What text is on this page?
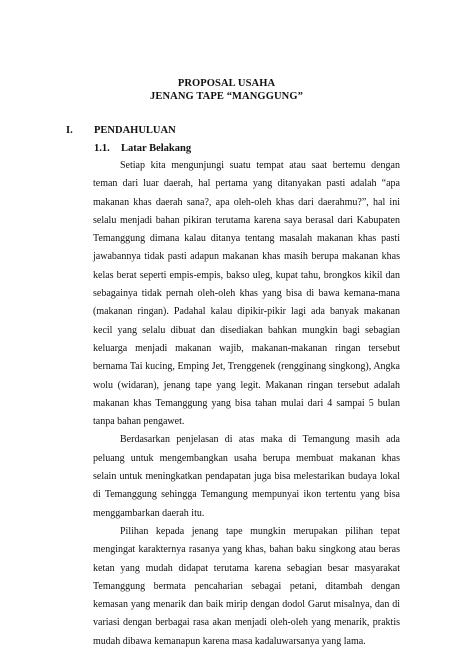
PROPOSAL USAHA
JENANG TAPE “MANGGUNG”
I. PENDAHULUAN
1.1. Latar Belakang

Setiap kita mengunjungi suatu tempat atau saat bertemu dengan teman dari luar daerah, hal pertama yang ditanyakan pasti adalah “apa makanan khas daerah sana?, apa oleh-oleh khas dari daerahmu?”, hal ini selalu menjadi bahan pikiran terutama karena saya berasal dari Kabupaten Temanggung dimana kalau ditanya tentang masalah makanan khas pasti jawabannya tidak pasti adapun makanan khas masih berupa makanan khas kelas berat seperti empis-empis, bakso uleg, kupat tahu, brongkos kikil dan sebagainya tidak pernah oleh-oleh khas yang bisa di bawa kemana-mana (makanan ringan). Padahal kalau dipikir-pikir lagi ada banyak makanan kecil yang selalu dibuat dan disediakan bahkan mungkin bagi sebagian keluarga menjadi makanan wajib, makanan-makanan ringan tersebut bernama Tai kucing, Emping Jet, Trenggenek (rengginang singkong), Angka wolu (widaran), jenang tape yang legit. Makanan ringan tersebut adalah makanan khas Temanggung yang bisa tahan mulai dari 4 sampai 5 bulan tanpa bahan pengawet.

Berdasarkan penjelasan di atas maka di Temangung masih ada peluang untuk mengembangkan usaha berupa membuat makanan khas selain untuk meningkatkan pendapatan juga bisa melestarikan budaya lokal di Temanggung sehingga Temangung mempunyai ikon tertentu yang bisa menggambarkan daerah itu.

Pilihan kepada jenang tape mungkin merupakan pilihan tepat mengingat karakternya rasanya yang khas, bahan baku singkong atau beras ketan yang mudah didapat terutama karena sebagian besar masyarakat Temanggung bermata pencaharian sebagai petani, ditambah dengan kemasan yang menarik dan baik mirip dengan dodol Garut misalnya, dan di variasi dengan berbagai rasa akan menjadi oleh-oleh yang menarik, praktis mudah dibawa kemanapun karena masa kadaluwarsanya yang lama.
